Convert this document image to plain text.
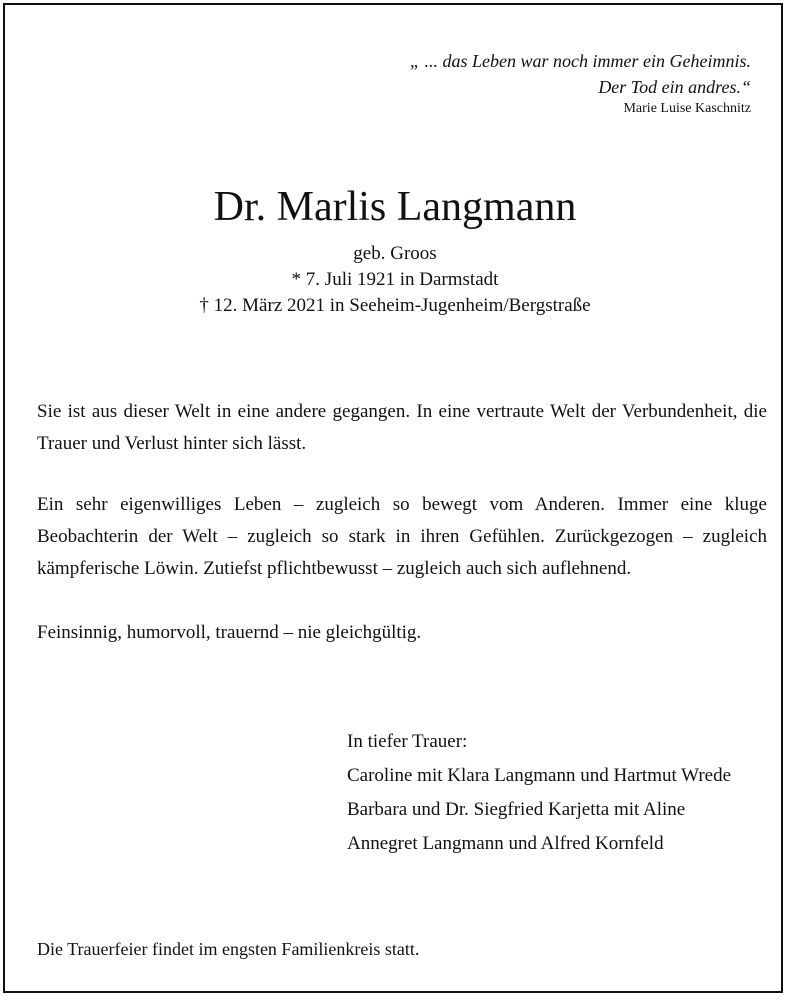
„ ... das Leben war noch immer ein Geheimnis.
Der Tod ein andres.“
Marie Luise Kaschnitz
Dr. Marlis Langmann
geb. Groos
* 7. Juli 1921 in Darmstadt
† 12. März 2021 in Seeheim-Jugenheim/Bergstraße
Sie ist aus dieser Welt in eine andere gegangen. In eine vertraute Welt der Verbundenheit, die Trauer und Verlust hinter sich lässt.
Ein sehr eigenwilliges Leben – zugleich so bewegt vom Anderen. Immer eine kluge Beobachterin der Welt – zugleich so stark in ihren Gefühlen. Zurückgezogen – zugleich kämpferische Löwin. Zutiefst pflichtbewusst – zugleich auch sich auflehnend.
Feinsinnig, humorvoll, trauernd – nie gleichgültig.
In tiefer Trauer:
Caroline mit Klara Langmann und Hartmut Wrede
Barbara und Dr. Siegfried Karjetta mit Aline
Annegret Langmann und Alfred Kornfeld
Die Trauerfeier findet im engsten Familienkreis statt.
